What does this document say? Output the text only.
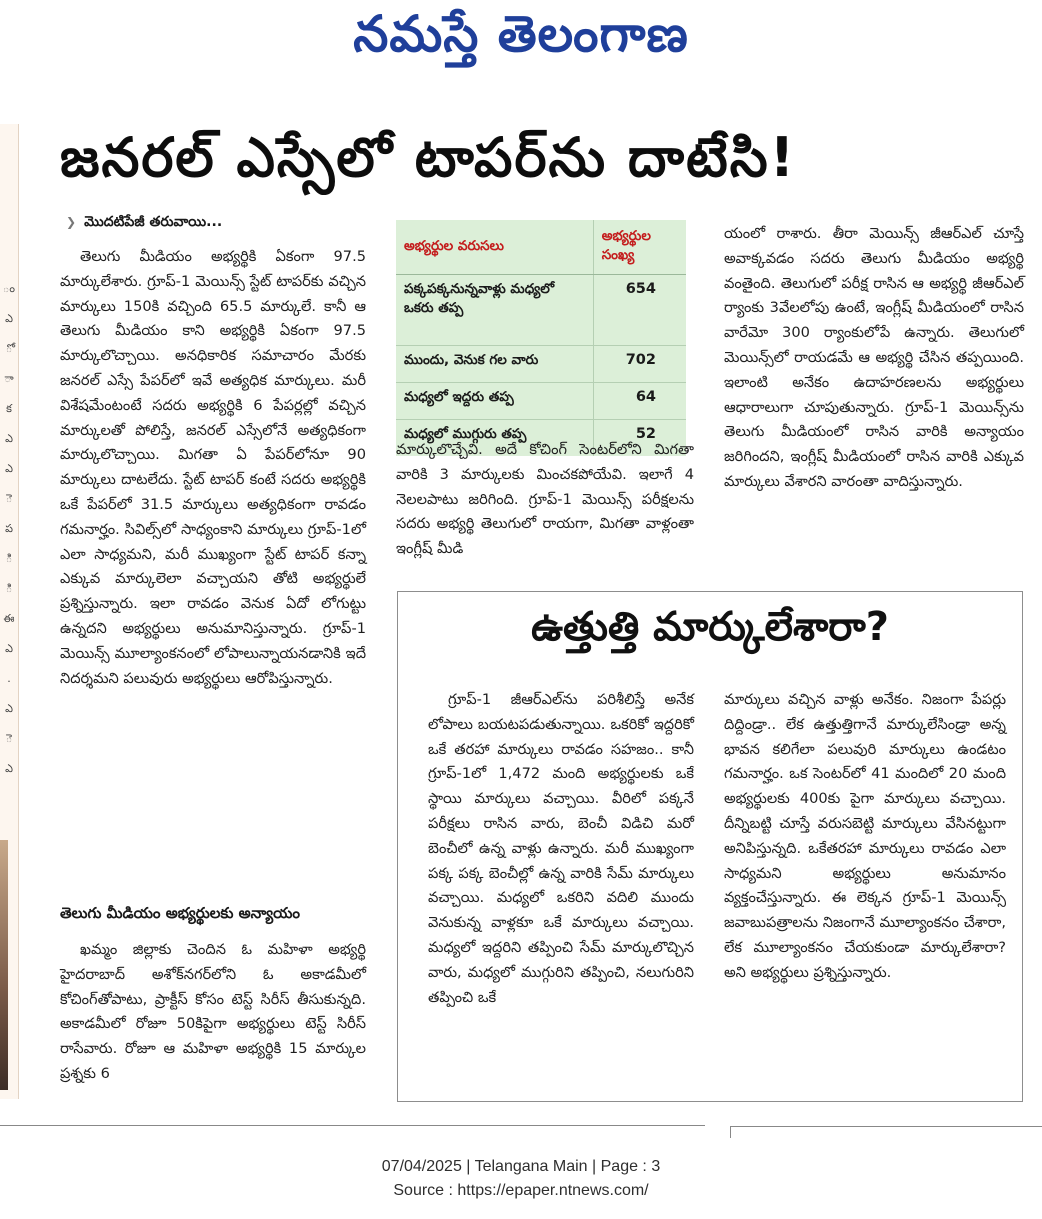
నమస్తే తెలంగాణ
ం ఎ ో ా క ఎ ఎ ె ప ి ి ఈ ఎ . ఎ ె ఎ
జనరల్ ఎస్సేలో టాపర్‌ను దాటేసి!
❯ మొదటిపేజీ తరువాయి...

తెలుగు మీడియం అభ్యర్థికి ఏకంగా 97.5 మార్కులేశారు. గ్రూప్‌-1 మెయిన్స్‌ స్టేట్‌ టాపర్‌కు వచ్చిన మార్కులు 150కి వచ్చింది 65.5 మార్కులే. కానీ ఆ తెలుగు మీడియం కాని అభ్యర్థికి ఏకంగా 97.5 మార్కులొచ్చాయి. అనధికారిక సమాచారం మేరకు జనరల్‌ ఎస్సే పేపర్‌లో ఇవే అత్యధిక మార్కులు. మరీ విశేషమేంటంటే సదరు అభ్యర్థికి 6 పేపర్లల్లో వచ్చిన మార్కులతో పోలిస్తే, జనరల్‌ ఎస్సేలోనే అత్యధికంగా మార్కులొచ్చాయి. మిగతా ఏ పేపర్‌లోనూ 90 మార్కులు దాటలేదు. స్టేట్‌ టాపర్‌ కంటే సదరు అభ్యర్థికి ఒకే పేపర్‌లో 31.5 మార్కులు అత్యధికంగా రావడం గమనార్హం. సివిల్స్‌లో సాధ్యంకాని మార్కులు గ్రూప్‌-1లో ఎలా సాధ్యమని, మరీ ముఖ్యంగా స్టేట్‌ టాపర్‌ కన్నా ఎక్కువ మార్కులెలా వచ్చాయని తోటి అభ్యర్థులే ప్రశ్నిస్తున్నారు. ఇలా రావడం వెనుక ఏదో లోగుట్టు ఉన్నదని అభ్యర్థులు అనుమానిస్తున్నారు. గ్రూప్‌-1 మెయిన్స్‌ మూల్యాంకనంలో లోపాలున్నాయనడానికి ఇదే నిదర్శమని పలువురు అభ్యర్థులు ఆరోపిస్తున్నారు.

తెలుగు మీడియం అభ్యర్థులకు అన్యాయం

ఖమ్మం జిల్లాకు చెందిన ఓ మహిళా అభ్యర్థి హైదరాబాద్‌ అశోక్‌నగర్‌లోని ఓ అకాడమీలో కోచింగ్‌తోపాటు, ప్రాక్టీస్‌ కోసం టెస్ట్‌ సిరీస్‌ తీసుకున్నది. అకాడమీలో రోజూ 50కిపైగా అభ్యర్థులు టెస్ట్‌ సిరీస్‌ రాసేవారు. రోజూ ఆ మహిళా అభ్యర్థికి 15 మార్కుల ప్రశ్నకు 6

అభ్యర్థుల వరుసలు	అభ్యర్థుల సంఖ్య
పక్కపక్కనున్నవాళ్లు మధ్యలో ఒకరు తప్ప	654
ముందు, వెనుక గల వారు	702
మధ్యలో ఇద్దరు తప్ప	64
మధ్యలో ముగ్గురు తప్ప	52

మార్కులొచ్చేవి. అదే కోచింగ్‌ సెంటర్‌లోని మిగతా వారికి 3 మార్కులకు మించకపోయేవి. ఇలాగే 4 నెలలపాటు జరిగింది. గ్రూప్‌-1 మెయిన్స్‌ పరీక్షలను సదరు అభ్యర్థి తెలుగులో రాయగా, మిగతా వాళ్లంతా ఇంగ్లీష్‌ మీడి

యంలో రాశారు. తీరా మెయిన్స్‌ జీఆర్‌ఎల్‌ చూస్తే అవాక్కవడం సదరు తెలుగు మీడియం అభ్యర్థి వంతైంది. తెలుగులో పరీక్ష రాసిన ఆ అభ్యర్థి జీఆర్‌ఎల్‌ ర్యాంకు 3వేలలోపు ఉంటే, ఇంగ్లీష్‌ మీడియంలో రాసిన వారేమో 300 ర్యాంకులోపే ఉన్నారు. తెలుగులో మెయిన్స్‌లో రాయడమే ఆ అభ్యర్థి చేసిన తప్పయింది. ఇలాంటి అనేకం ఉదాహరణలను అభ్యర్థులు ఆధారాలుగా చూపుతున్నారు. గ్రూప్‌-1 మెయిన్స్‌ను తెలుగు మీడియంలో రాసిన వారికి అన్యాయం జరిగిందని, ఇంగ్లీష్‌ మీడియంలో రాసిన వారికి ఎక్కువ మార్కులు వేశారని వారంతా వాదిస్తున్నారు.

ఉత్తుత్తి మార్కులేశారా?

గ్రూప్‌-1 జీఆర్‌ఎల్‌ను పరిశీలిస్తే అనేక లోపాలు బయటపడుతున్నాయి. ఒకరికో ఇద్దరికో ఒకే తరహా మార్కులు రావడం సహజం.. కానీ గ్రూప్‌-1లో 1,472 మంది అభ్యర్థులకు ఒకే స్థాయి మార్కులు వచ్చాయి. వీరిలో పక్కనే పరీక్షలు రాసిన వారు, బెంచీ విడిచి మరో బెంచీలో ఉన్న వాళ్లు ఉన్నారు. మరీ ముఖ్యంగా పక్క పక్క బెంచీల్లో ఉన్న వారికి సేమ్‌ మార్కులు వచ్చాయి. మధ్యలో ఒకరిని వదిలి ముందు వెనుకున్న వాళ్లకూ ఒకే మార్కులు వచ్చాయి. మధ్యలో ఇద్దరిని తప్పించి సేమ్‌ మార్కులొచ్చిన వారు, మధ్యలో ముగ్గురిని తప్పించి, నలుగురిని తప్పించి ఒకే

మార్కులు వచ్చిన వాళ్లు అనేకం. నిజంగా పేపర్లు దిద్దిండ్రా.. లేక ఉత్తుత్తిగానే మార్కులేసిండ్రా అన్న భావన కలిగేలా పలువురి మార్కులు ఉండటం గమనార్హం. ఒక సెంటర్‌లో 41 మందిలో 20 మంది అభ్యర్థులకు 400కు పైగా మార్కులు వచ్చాయి. దీన్నిబట్టి చూస్తే వరుసబెట్టి మార్కులు వేసినట్టుగా అనిపిస్తున్నది. ఒకేతరహా మార్కులు రావడం ఎలా సాధ్యమని అభ్యర్థులు అనుమానం వ్యక్తంచేస్తున్నారు. ఈ లెక్కన గ్రూప్‌-1 మెయిన్స్‌ జవాబుపత్రాలను నిజంగానే మూల్యాంకనం చేశారా, లేక మూల్యాంకనం చేయకుండా మార్కులేశారా? అని అభ్యర్థులు ప్రశ్నిస్తున్నారు.

07/04/2025 | Telangana Main | Page : 3
Source : https://epaper.ntnews.com/
